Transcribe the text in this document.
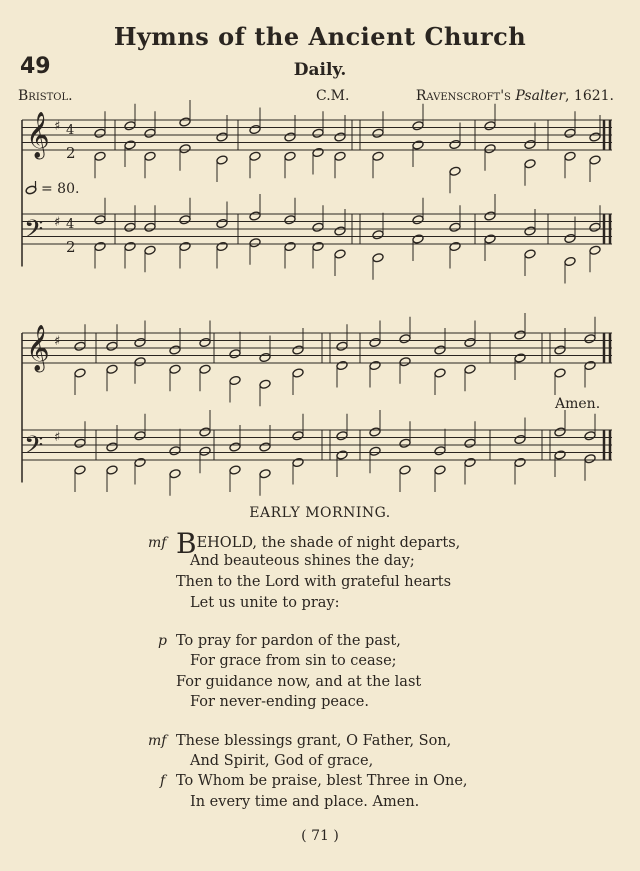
Hymns of the Ancient Church
49	Daily.
Bristol.	C.M.	Ravenscroft's Psalter, 1621.
𝄞
𝄞
𝄢
𝄢
♯
♯
♯
♯
4
2
4
2
= 80.
Amen.
EARLY MORNING.
mf BEHOLD, the shade of night departs,
And beauteous shines the day;
Then to the Lord with grateful hearts
Let us unite to pray:
p To pray for pardon of the past,
For grace from sin to cease;
For guidance now, and at the last
For never-ending peace.
mf These blessings grant, O Father, Son,
And Spirit, God of grace,
f To Whom be praise, blest Three in One,
In every time and place. Amen.
( 71 )
